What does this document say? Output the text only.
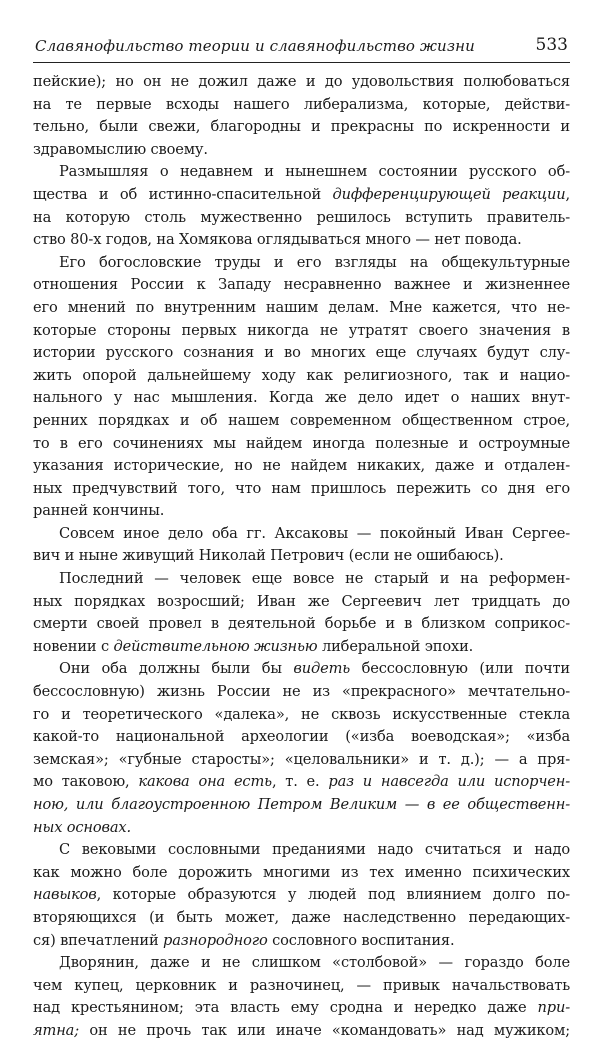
Славянофильство теории и славянофильство жизни	533
пейские); но он не дожил даже и до удовольствия полюбоваться
на те первые всходы нашего либерализма, которые, действи-
тельно, были свежи, благородны и прекрасны по искренности и
здравомыслию своему.
Размышляя о недавнем и нынешнем состоянии русского об-
щества и об истинно-спасительной дифференцирующей реакции,
на которую столь мужественно решилось вступить правитель-
ство 80-х годов, на Хомякова оглядываться много — нет повода.
Его богословские труды и его взгляды на общекультурные
отношения России к Западу несравненно важнее и жизненнее
его мнений по внутренним нашим делам. Мне кажется, что не-
которые стороны первых никогда не утратят своего значения в
истории русского сознания и во многих еще случаях будут слу-
жить опорой дальнейшему ходу как религиозного, так и нацио-
нального у нас мышления. Когда же дело идет о наших внут-
ренних порядках и об нашем современном общественном строе,
то в его сочинениях мы найдем иногда полезные и остроумные
указания исторические, но не найдем никаких, даже и отдален-
ных предчувствий того, что нам пришлось пережить со дня его
ранней кончины.
Совсем иное дело оба гг. Аксаковы — покойный Иван Сергее-
вич и ныне живущий Николай Петрович (если не ошибаюсь).
Последний — человек еще вовсе не старый и на реформен-
ных порядках возросший; Иван же Сергеевич лет тридцать до
смерти своей провел в деятельной борьбе и в близком соприкос-
новении с действительною жизнью либеральной эпохи.
Они оба должны были бы видеть бессословную (или почти
бессословную) жизнь России не из «прекрасного» мечтательно-
го и теоретического «далека», не сквозь искусственные стекла
какой-то национальной археологии («изба воеводская»; «изба
земская»; «губные старосты»; «целовальники» и т. д.); — а пря-
мо таковою, какова она есть, т. е. раз и навсегда или испорчен-
ною, или благоустроенною Петром Великим — в ее общественн-
ных основах.
С вековыми сословными преданиями надо считаться и надо
как можно боле дорожить многими из тех именно психических
навыков, которые образуются у людей под влиянием долго по-
вторяющихся (и быть может, даже наследственно передающих-
ся) впечатлений разнородного сословного воспитания.
Дворянин, даже и не слишком «столбовой» — гораздо боле
чем купец, церковник и разночинец, — привык начальствовать
над крестьянином; эта власть ему сродна и нередко даже при-
ятна; он не прочь так или иначе «командовать» над мужиком;
